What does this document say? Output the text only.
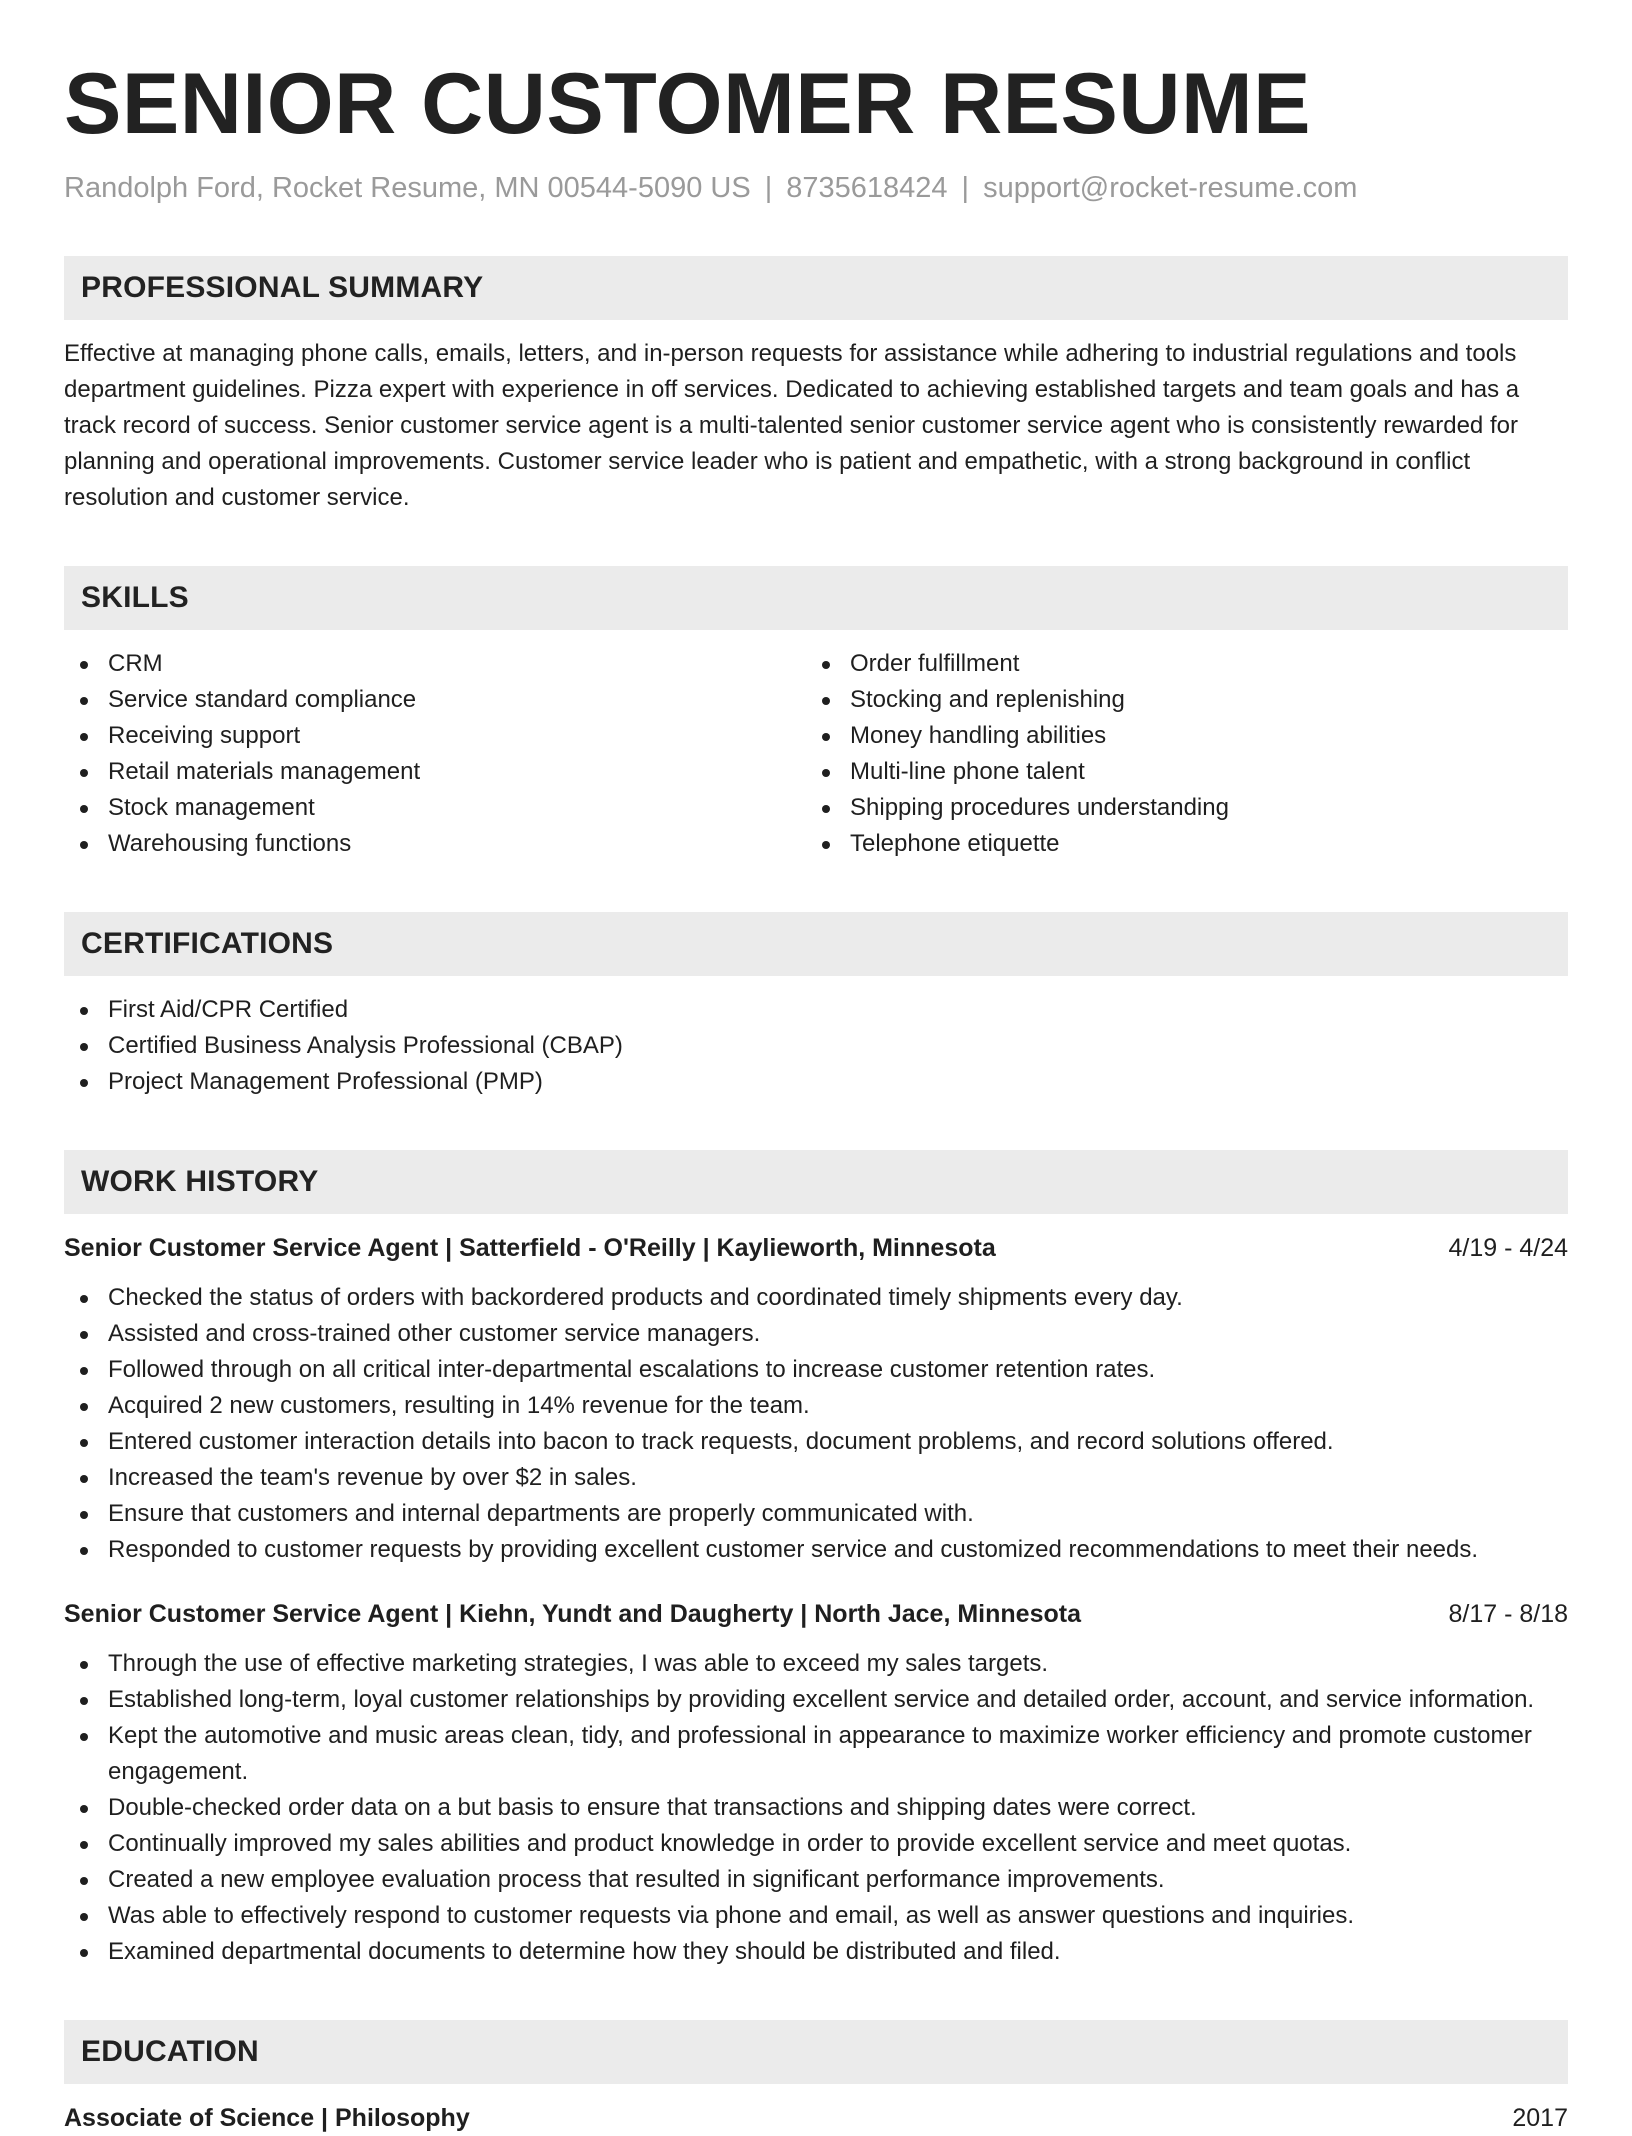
SENIOR CUSTOMER RESUME
Randolph Ford, Rocket Resume, MN 00544-5090 US | 8735618424 | support@rocket-resume.com
PROFESSIONAL SUMMARY

Effective at managing phone calls, emails, letters, and in-person requests for assistance while adhering to industrial regulations and tools department guidelines. Pizza expert with experience in off services. Dedicated to achieving established targets and team goals and has a track record of success. Senior customer service agent is a multi-talented senior customer service agent who is consistently rewarded for planning and operational improvements. Customer service leader who is patient and empathetic, with a strong background in conflict resolution and customer service.

SKILLS
CRM
Service standard compliance
Receiving support
Retail materials management
Stock management
Warehousing functions
Order fulfillment
Stocking and replenishing
Money handling abilities
Multi-line phone talent
Shipping procedures understanding
Telephone etiquette
CERTIFICATIONS
First Aid/CPR Certified
Certified Business Analysis Professional (CBAP)
Project Management Professional (PMP)
WORK HISTORY
Senior Customer Service Agent | Satterfield - O'Reilly | Kaylieworth, Minnesota	4/19 - 4/24
Checked the status of orders with backordered products and coordinated timely shipments every day.
Assisted and cross-trained other customer service managers.
Followed through on all critical inter-departmental escalations to increase customer retention rates.
Acquired 2 new customers, resulting in 14% revenue for the team.
Entered customer interaction details into bacon to track requests, document problems, and record solutions offered.
Increased the team's revenue by over $2 in sales.
Ensure that customers and internal departments are properly communicated with.
Responded to customer requests by providing excellent customer service and customized recommendations to meet their needs.
Senior Customer Service Agent | Kiehn, Yundt and Daugherty | North Jace, Minnesota	8/17 - 8/18
Through the use of effective marketing strategies, I was able to exceed my sales targets.
Established long-term, loyal customer relationships by providing excellent service and detailed order, account, and service information.
Kept the automotive and music areas clean, tidy, and professional in appearance to maximize worker efficiency and promote customer engagement.
Double-checked order data on a but basis to ensure that transactions and shipping dates were correct.
Continually improved my sales abilities and product knowledge in order to provide excellent service and meet quotas.
Created a new employee evaluation process that resulted in significant performance improvements.
Was able to effectively respond to customer requests via phone and email, as well as answer questions and inquiries.
Examined departmental documents to determine how they should be distributed and filed.
EDUCATION
Associate of Science | Philosophy	2017
